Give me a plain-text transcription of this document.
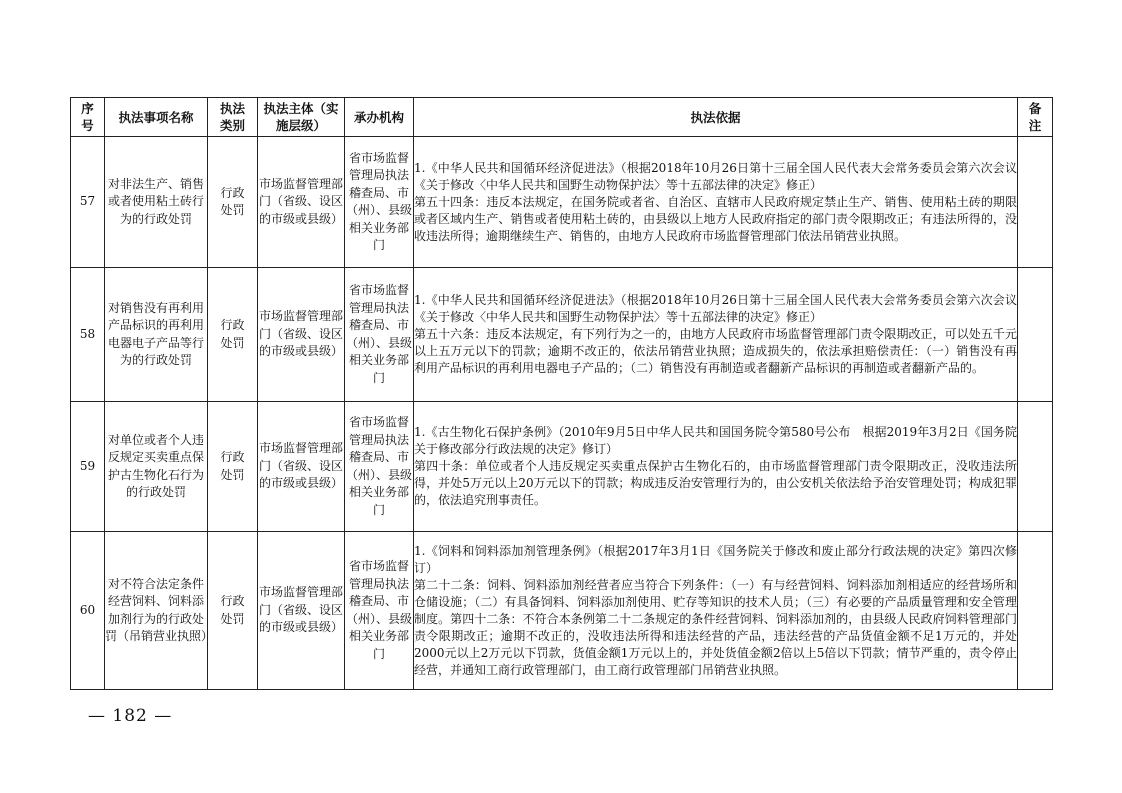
序号	执法事项名称	执法类别	执法主体（实施层级）	承办机构	执法依据	备注
57	对非法生产、销售或者使用粘土砖行为的行政处罚	行政处罚	市场监督管理部门（省级、设区的市级或县级）	省市场监督管理局执法稽查局、市（州）、县级相关业务部门	1.《中华人民共和国循环经济促进法》（根据2018年10月26日第十三届全国人民代表大会常务委员会第六次会议《关于修改〈中华人民共和国野生动物保护法〉等十五部法律的决定》修正）
第五十四条：违反本法规定，在国务院或者省、自治区、直辖市人民政府规定禁止生产、销售、使用粘土砖的期限或者区域内生产、销售或者使用粘土砖的，由县级以上地方人民政府指定的部门责令限期改正；有违法所得的，没收违法所得；逾期继续生产、销售的，由地方人民政府市场监督管理部门依法吊销营业执照。	

58	对销售没有再利用产品标识的再利用电器电子产品等行为的行政处罚	行政处罚	市场监督管理部门（省级、设区的市级或县级）	省市场监督管理局执法稽查局、市（州）、县级相关业务部门	1.《中华人民共和国循环经济促进法》（根据2018年10月26日第十三届全国人民代表大会常务委员会第六次会议《关于修改〈中华人民共和国野生动物保护法〉等十五部法律的决定》修正）
第五十六条：违反本法规定，有下列行为之一的，由地方人民政府市场监督管理部门责令限期改正，可以处五千元以上五万元以下的罚款；逾期不改正的，依法吊销营业执照；造成损失的，依法承担赔偿责任：（一）销售没有再利用产品标识的再利用电器电子产品的；（二）销售没有再制造或者翻新产品标识的再制造或者翻新产品的。	

59	对单位或者个人违反规定买卖重点保护古生物化石行为的行政处罚	行政处罚	市场监督管理部门（省级、设区的市级或县级）	省市场监督管理局执法稽查局、市（州）、县级相关业务部门	1.《古生物化石保护条例》（2010年9月5日中华人民共和国国务院令第580号公布　根据2019年3月2日《国务院关于修改部分行政法规的决定》修订）
第四十条：单位或者个人违反规定买卖重点保护古生物化石的，由市场监督管理部门责令限期改正，没收违法所得，并处5万元以上20万元以下的罚款；构成违反治安管理行为的，由公安机关依法给予治安管理处罚；构成犯罪的，依法追究刑事责任。	

60	对不符合法定条件经营饲料、饲料添加剂行为的行政处罚（吊销营业执照）	行政处罚	市场监督管理部门（省级、设区的市级或县级）	省市场监督管理局执法稽查局、市（州）、县级相关业务部门	1.《饲料和饲料添加剂管理条例》（根据2017年3月1日《国务院关于修改和废止部分行政法规的决定》第四次修订）
第二十二条：饲料、饲料添加剂经营者应当符合下列条件：（一）有与经营饲料、饲料添加剂相适应的经营场所和仓储设施；（二）有具备饲料、饲料添加剂使用、贮存等知识的技术人员；（三）有必要的产品质量管理和安全管理制度。第四十二条：不符合本条例第二十二条规定的条件经营饲料、饲料添加剂的，由县级人民政府饲料管理部门责令限期改正；逾期不改正的，没收违法所得和违法经营的产品，违法经营的产品货值金额不足1万元的，并处2000元以上2万元以下罚款，货值金额1万元以上的，并处货值金额2倍以上5倍以下罚款；情节严重的，责令停止经营，并通知工商行政管理部门，由工商行政管理部门吊销营业执照。	

— 182 —
